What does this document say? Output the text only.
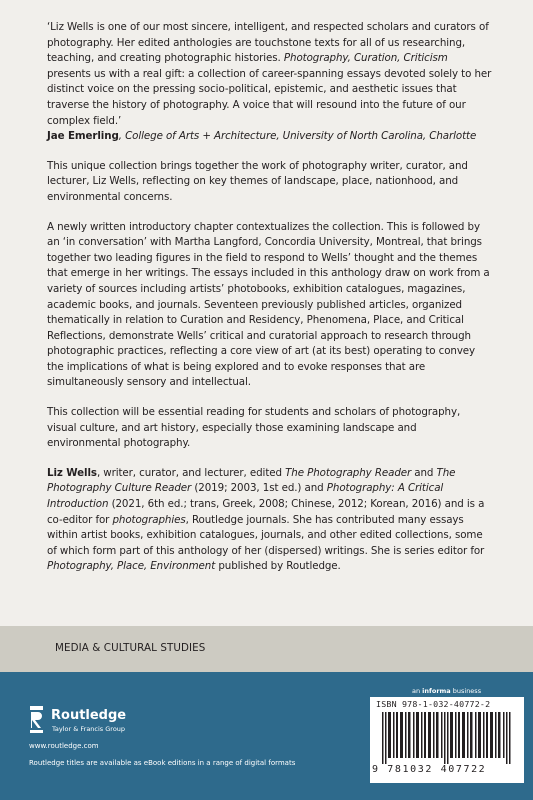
‘Liz Wells is one of our most sincere, intelligent, and respected scholars and curators of photography. Her edited anthologies are touchstone texts for all of us researching, teaching, and creating photographic histories. Photography, Curation, Criticism presents us with a real gift: a collection of career-spanning essays devoted solely to her distinct voice on the pressing socio-political, epistemic, and aesthetic issues that traverse the history of photography. A voice that will resound into the future of our complex field.’

Jae Emerling, College of Arts + Architecture, University of North Carolina, Charlotte

This unique collection brings together the work of photography writer, curator, and lecturer, Liz Wells, reflecting on key themes of landscape, place, nationhood, and environmental concerns.

A newly written introductory chapter contextualizes the collection. This is followed by an ‘in conversation’ with Martha Langford, Concordia University, Montreal, that brings together two leading figures in the field to respond to Wells’ thought and the themes that emerge in her writings. The essays included in this anthology draw on work from a variety of sources including artists’ photobooks, exhibition catalogues, magazines, academic books, and journals. Seventeen previously published articles, organized thematically in relation to Curation and Residency, Phenomena, Place, and Critical Reflections, demonstrate Wells’ critical and curatorial approach to research through photographic practices, reflecting a core view of art (at its best) operating to convey the implications of what is being explored and to evoke responses that are simultaneously sensory and intellectual.

This collection will be essential reading for students and scholars of photography, visual culture, and art history, especially those examining landscape and environmental photography.

Liz Wells, writer, curator, and lecturer, edited The Photography Reader and The Photography Culture Reader (2019; 2003, 1st ed.) and Photography: A Critical Introduction (2021, 6th ed.; trans, Greek, 2008; Chinese, 2012; Korean, 2016) and is a co-editor for photographies, Routledge journals. She has contributed many essays within artist books, exhibition catalogues, journals, and other edited collections, some of which form part of this anthology of her (dispersed) writings. She is series editor for Photography, Place, Environment published by Routledge.

MEDIA & CULTURAL STUDIES
Routledge
Taylor & Francis Group
www.routledge.com
Routledge titles are available as eBook editions in a range of digital formats
an informa business
ISBN 978-1-032-40772-2
9 781032 407722
